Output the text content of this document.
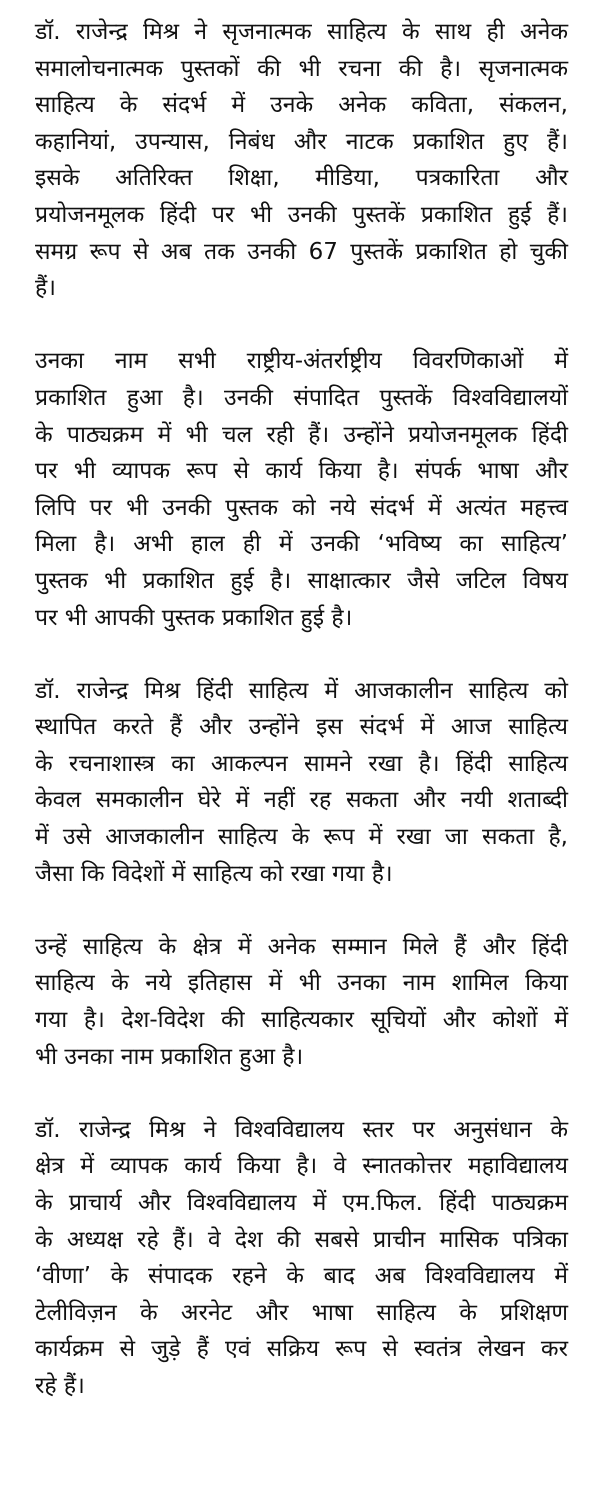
डॉ. राजेन्द्र मिश्र ने सृजनात्मक साहित्य के साथ ही अनेक
समालोचनात्मक पुस्तकों की भी रचना की है। सृजनात्मक
साहित्य के संदर्भ में उनके अनेक कविता, संकलन,
कहानियां, उपन्यास, निबंध और नाटक प्रकाशित हुए हैं।
इसके अतिरिक्त शिक्षा, मीडिया, पत्रकारिता और
प्रयोजनमूलक हिंदी पर भी उनकी पुस्तकें प्रकाशित हुई हैं।
समग्र रूप से अब तक उनकी 67 पुस्तकें प्रकाशित हो चुकी
हैं।

उनका नाम सभी राष्ट्रीय-अंतर्राष्ट्रीय विवरणिकाओं में
प्रकाशित हुआ है। उनकी संपादित पुस्तकें विश्वविद्यालयों
के पाठ्यक्रम में भी चल रही हैं। उन्होंने प्रयोजनमूलक हिंदी
पर भी व्यापक रूप से कार्य किया है। संपर्क भाषा और
लिपि पर भी उनकी पुस्तक को नये संदर्भ में अत्यंत महत्त्व
मिला है। अभी हाल ही में उनकी ‘भविष्य का साहित्य’
पुस्तक भी प्रकाशित हुई है। साक्षात्कार जैसे जटिल विषय
पर भी आपकी पुस्तक प्रकाशित हुई है।

डॉ. राजेन्द्र मिश्र हिंदी साहित्य में आजकालीन साहित्य को
स्थापित करते हैं और उन्होंने इस संदर्भ में आज साहित्य
के रचनाशास्त्र का आकल्पन सामने रखा है। हिंदी साहित्य
केवल समकालीन घेरे में नहीं रह सकता और नयी शताब्दी
में उसे आजकालीन साहित्य के रूप में रखा जा सकता है,
जैसा कि विदेशों में साहित्य को रखा गया है।

उन्हें साहित्य के क्षेत्र में अनेक सम्मान मिले हैं और हिंदी
साहित्य के नये इतिहास में भी उनका नाम शामिल किया
गया है। देश-विदेश की साहित्यकार सूचियों और कोशों में
भी उनका नाम प्रकाशित हुआ है।

डॉ. राजेन्द्र मिश्र ने विश्वविद्यालय स्तर पर अनुसंधान के
क्षेत्र में व्यापक कार्य किया है। वे स्नातकोत्तर महाविद्यालय
के प्राचार्य और विश्वविद्यालय में एम.फिल. हिंदी पाठ्यक्रम
के अध्यक्ष रहे हैं। वे देश की सबसे प्राचीन मासिक पत्रिका
‘वीणा’ के संपादक रहने के बाद अब विश्वविद्यालय में
टेलीविज़न के अरनेट और भाषा साहित्य के प्रशिक्षण
कार्यक्रम से जुड़े हैं एवं सक्रिय रूप से स्वतंत्र लेखन कर
रहे हैं।
